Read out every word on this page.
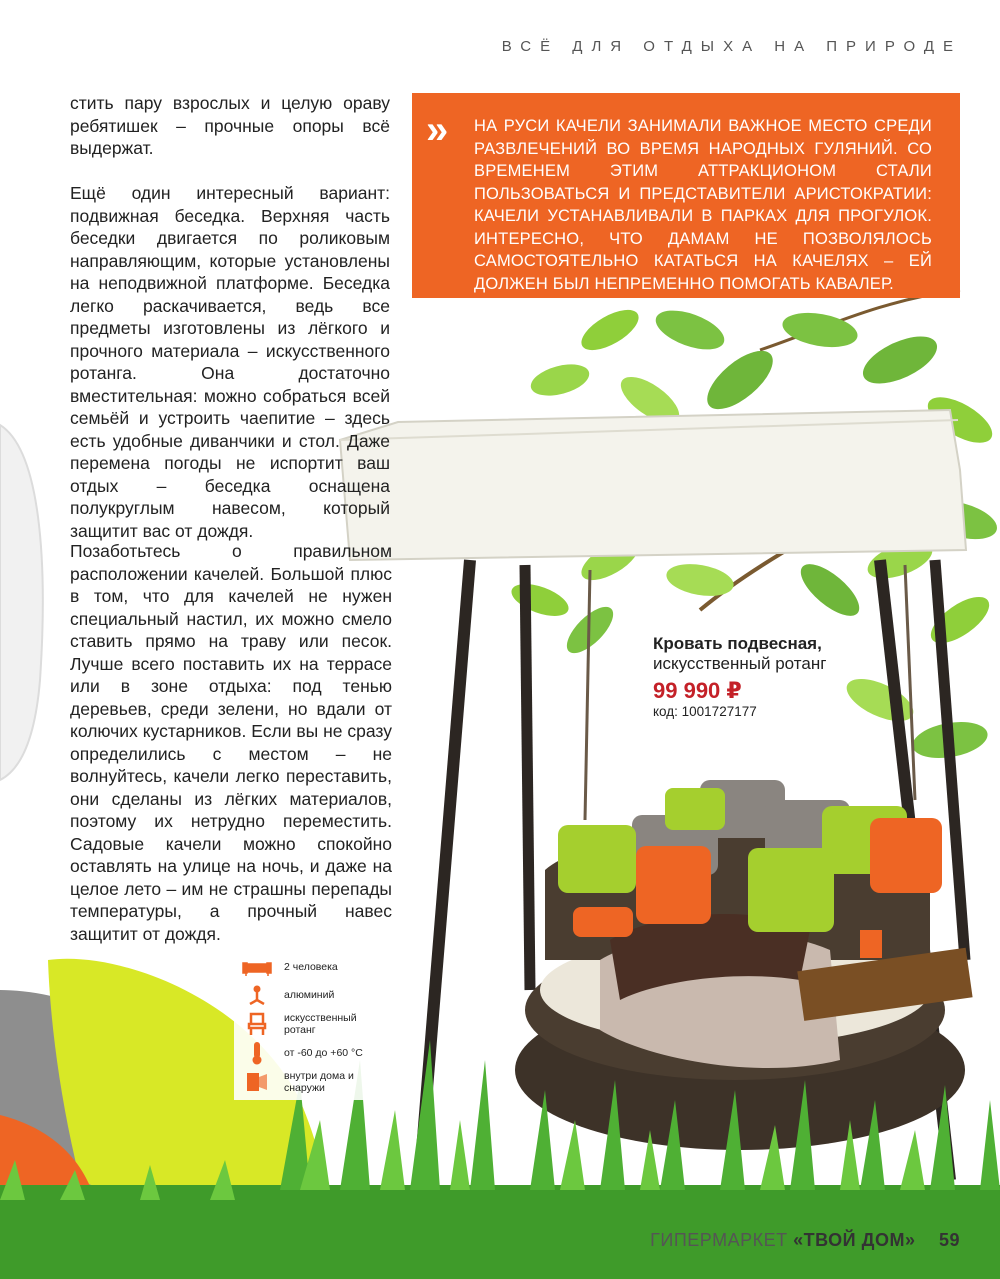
ВСЁ ДЛЯ ОТДЫХА НА ПРИРОДЕ

стить пару взрослых и целую ораву ребятишек – прочные опоры всё выдержат.

Ещё один интересный вариант: подвижная беседка. Верхняя часть беседки двигается по роликовым направляющим, которые установлены на неподвижной платформе. Беседка легко раскачивается, ведь все предметы изготовлены из лёгкого и прочного материала – искусственного ротанга. Она достаточно вместительная: можно собраться всей семьёй и устроить чаепитие – здесь есть удобные диванчики и стол. Даже перемена погоды не испортит ваш отдых – беседка оснащена полукруглым навесом, который защитит вас от дождя.

Позаботьтесь о правильном расположении качелей. Большой плюс в том, что для качелей не нужен специальный настил, их можно смело ставить прямо на траву или песок. Лучше всего поставить их на террасе или в зоне отдыха: под тенью деревьев, среди зелени, но вдали от колючих кустарников. Если вы не сразу определились с местом – не волнуйтесь, качели легко переставить, они сделаны из лёгких материалов, поэтому их нетрудно переместить. Садовые качели можно спокойно оставлять на улице на ночь, и даже на целое лето – им не страшны перепады температуры, а прочный навес защитит от дождя.

» НА РУСИ КАЧЕЛИ ЗАНИМАЛИ ВАЖНОЕ МЕСТО СРЕДИ РАЗВЛЕЧЕНИЙ ВО ВРЕМЯ НАРОДНЫХ ГУЛЯНИЙ. СО ВРЕМЕНЕМ ЭТИМ АТТРАКЦИОНОМ СТАЛИ ПОЛЬЗОВАТЬСЯ И ПРЕДСТАВИТЕЛИ АРИСТОКРАТИИ: КАЧЕЛИ УСТАНАВЛИВАЛИ В ПАРКАХ ДЛЯ ПРОГУЛОК. ИНТЕРЕСНО, ЧТО ДАМАМ НЕ ПОЗВОЛЯЛОСЬ САМОСТОЯТЕЛЬНО КАТАТЬСЯ НА КАЧЕЛЯХ – ЕЙ ДОЛЖЕН БЫЛ НЕПРЕМЕННО ПОМОГАТЬ КАВАЛЕР.

Кровать подвесная,
искусственный ротанг
99 990 ₽
код: 1001727177
2 человека
алюминий
искусственный ротанг
от -60 до +60 °С
внутри дома и снаружи
ГИПЕРМАРКЕТ «ТВОЙ ДОМ» 59
